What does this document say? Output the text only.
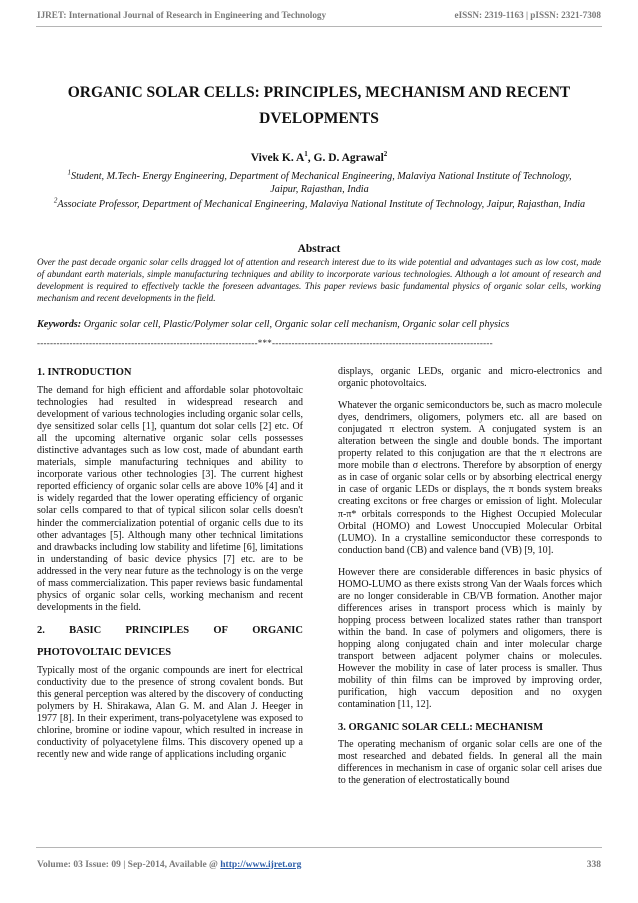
IJRET: International Journal of Research in Engineering and Technology	eISSN: 2319-1163 | pISSN: 2321-7308
ORGANIC SOLAR CELLS: PRINCIPLES, MECHANISM AND RECENT
DVELOPMENTS
Vivek K. $A^1$, G. D. Agrawal$^2$
$^1$Student, M.Tech- Energy Engineering, Department of Mechanical Engineering, Malaviya National Institute of Technology, Jaipur, Rajasthan, India
$^2$Associate Professor, Department of Mechanical Engineering, Malaviya National Institute of Technology, Jaipur, Rajasthan, India
Abstract
Over the past decade organic solar cells dragged lot of attention and research interest due to its wide potential and advantages such as low cost, made of abundant earth materials, simple manufacturing techniques and ability to incorporate various technologies. Although a lot amount of research and development is required to effectively tackle the foreseen advantages. This paper reviews basic fundamental physics of organic solar cells, working mechanism and recent developments in the field.
Keywords: Organic solar cell, Plastic/Polymer solar cell, Organic solar cell mechanism, Organic solar cell physics
--------------------------------------------------------------------***--------------------------------------------------------------------
1. INTRODUCTION

The demand for high efficient and affordable solar photovoltaic technologies had resulted in widespread research and development of various technologies including organic solar cells, dye sensitized solar cells [1], quantum dot solar cells [2] etc. Of all the upcoming alternative organic solar cells possesses distinctive advantages such as low cost, made of abundant earth materials, simple manufacturing techniques and ability to incorporate various other technologies [3]. The current highest reported efficiency of organic solar cells are above 10% [4] and it is widely regarded that the lower operating efficiency of organic solar cells compared to that of typical silicon solar cells doesn't hinder the commercialization potential of organic cells due to its other advantages [5]. Although many other technical limitations and drawbacks including low stability and lifetime [6], limitations in understanding of basic device physics [7] etc. are to be addressed in the very near future as the technology is on the verge of mass commercialization. This paper reviews basic fundamental physics of organic solar cells, working mechanism and recent developments in the field.

2. BASIC PRINCIPLES OF ORGANIC
PHOTOVOLTAIC DEVICES

Typically most of the organic compounds are inert for electrical conductivity due to the presence of strong covalent bonds. But this general perception was altered by the discovery of conducting polymers by H. Shirakawa, Alan G. M. and Alan J. Heeger in 1977 [8]. In their experiment, trans-polyacetylene was exposed to chlorine, bromine or iodine vapour, which resulted in increase in conductivity of polyacetylene films. This discovery opened up a recently new and wide range of applications including organic

displays, organic LEDs, organic and micro-electronics and organic photovoltaics.

Whatever the organic semiconductors be, such as macro molecule dyes, dendrimers, oligomers, polymers etc. all are based on conjugated π electron system. A conjugated system is an alteration between the single and double bonds. The important property related to this conjugation are that the π electrons are more mobile than σ electrons. Therefore by absorption of energy as in case of organic solar cells or by absorbing electrical energy in case of organic LEDs or displays, the π bonds system breaks creating excitons or free charges or emission of light. Molecular π-π* orbitals corresponds to the Highest Occupied Molecular Orbital (HOMO) and Lowest Unoccupied Molecular Orbital (LUMO). In a crystalline semiconductor these corresponds to conduction band (CB) and valence band (VB) [9, 10].

However there are considerable differences in basic physics of HOMO-LUMO as there exists strong Van der Waals forces which are no longer considerable in CB/VB formation. Another major differences arises in transport process which is mainly by hopping process between localized states rather than transport within the band. In case of polymers and oligomers, there is hopping along conjugated chain and inter molecular charge transport between adjacent polymer chains or molecules. However the mobility in case of later process is smaller. Thus mobility of thin films can be improved by improving order, purification, high vaccum deposition and no oxygen contamination [11, 12].

3. ORGANIC SOLAR CELL: MECHANISM

The operating mechanism of organic solar cells are one of the most researched and debated fields. In general all the main differences in mechanism in case of organic solar cell arises due to the generation of electrostatically bound

Volume: 03 Issue: 09 | Sep-2014, Available @ http://www.ijret.org	338
